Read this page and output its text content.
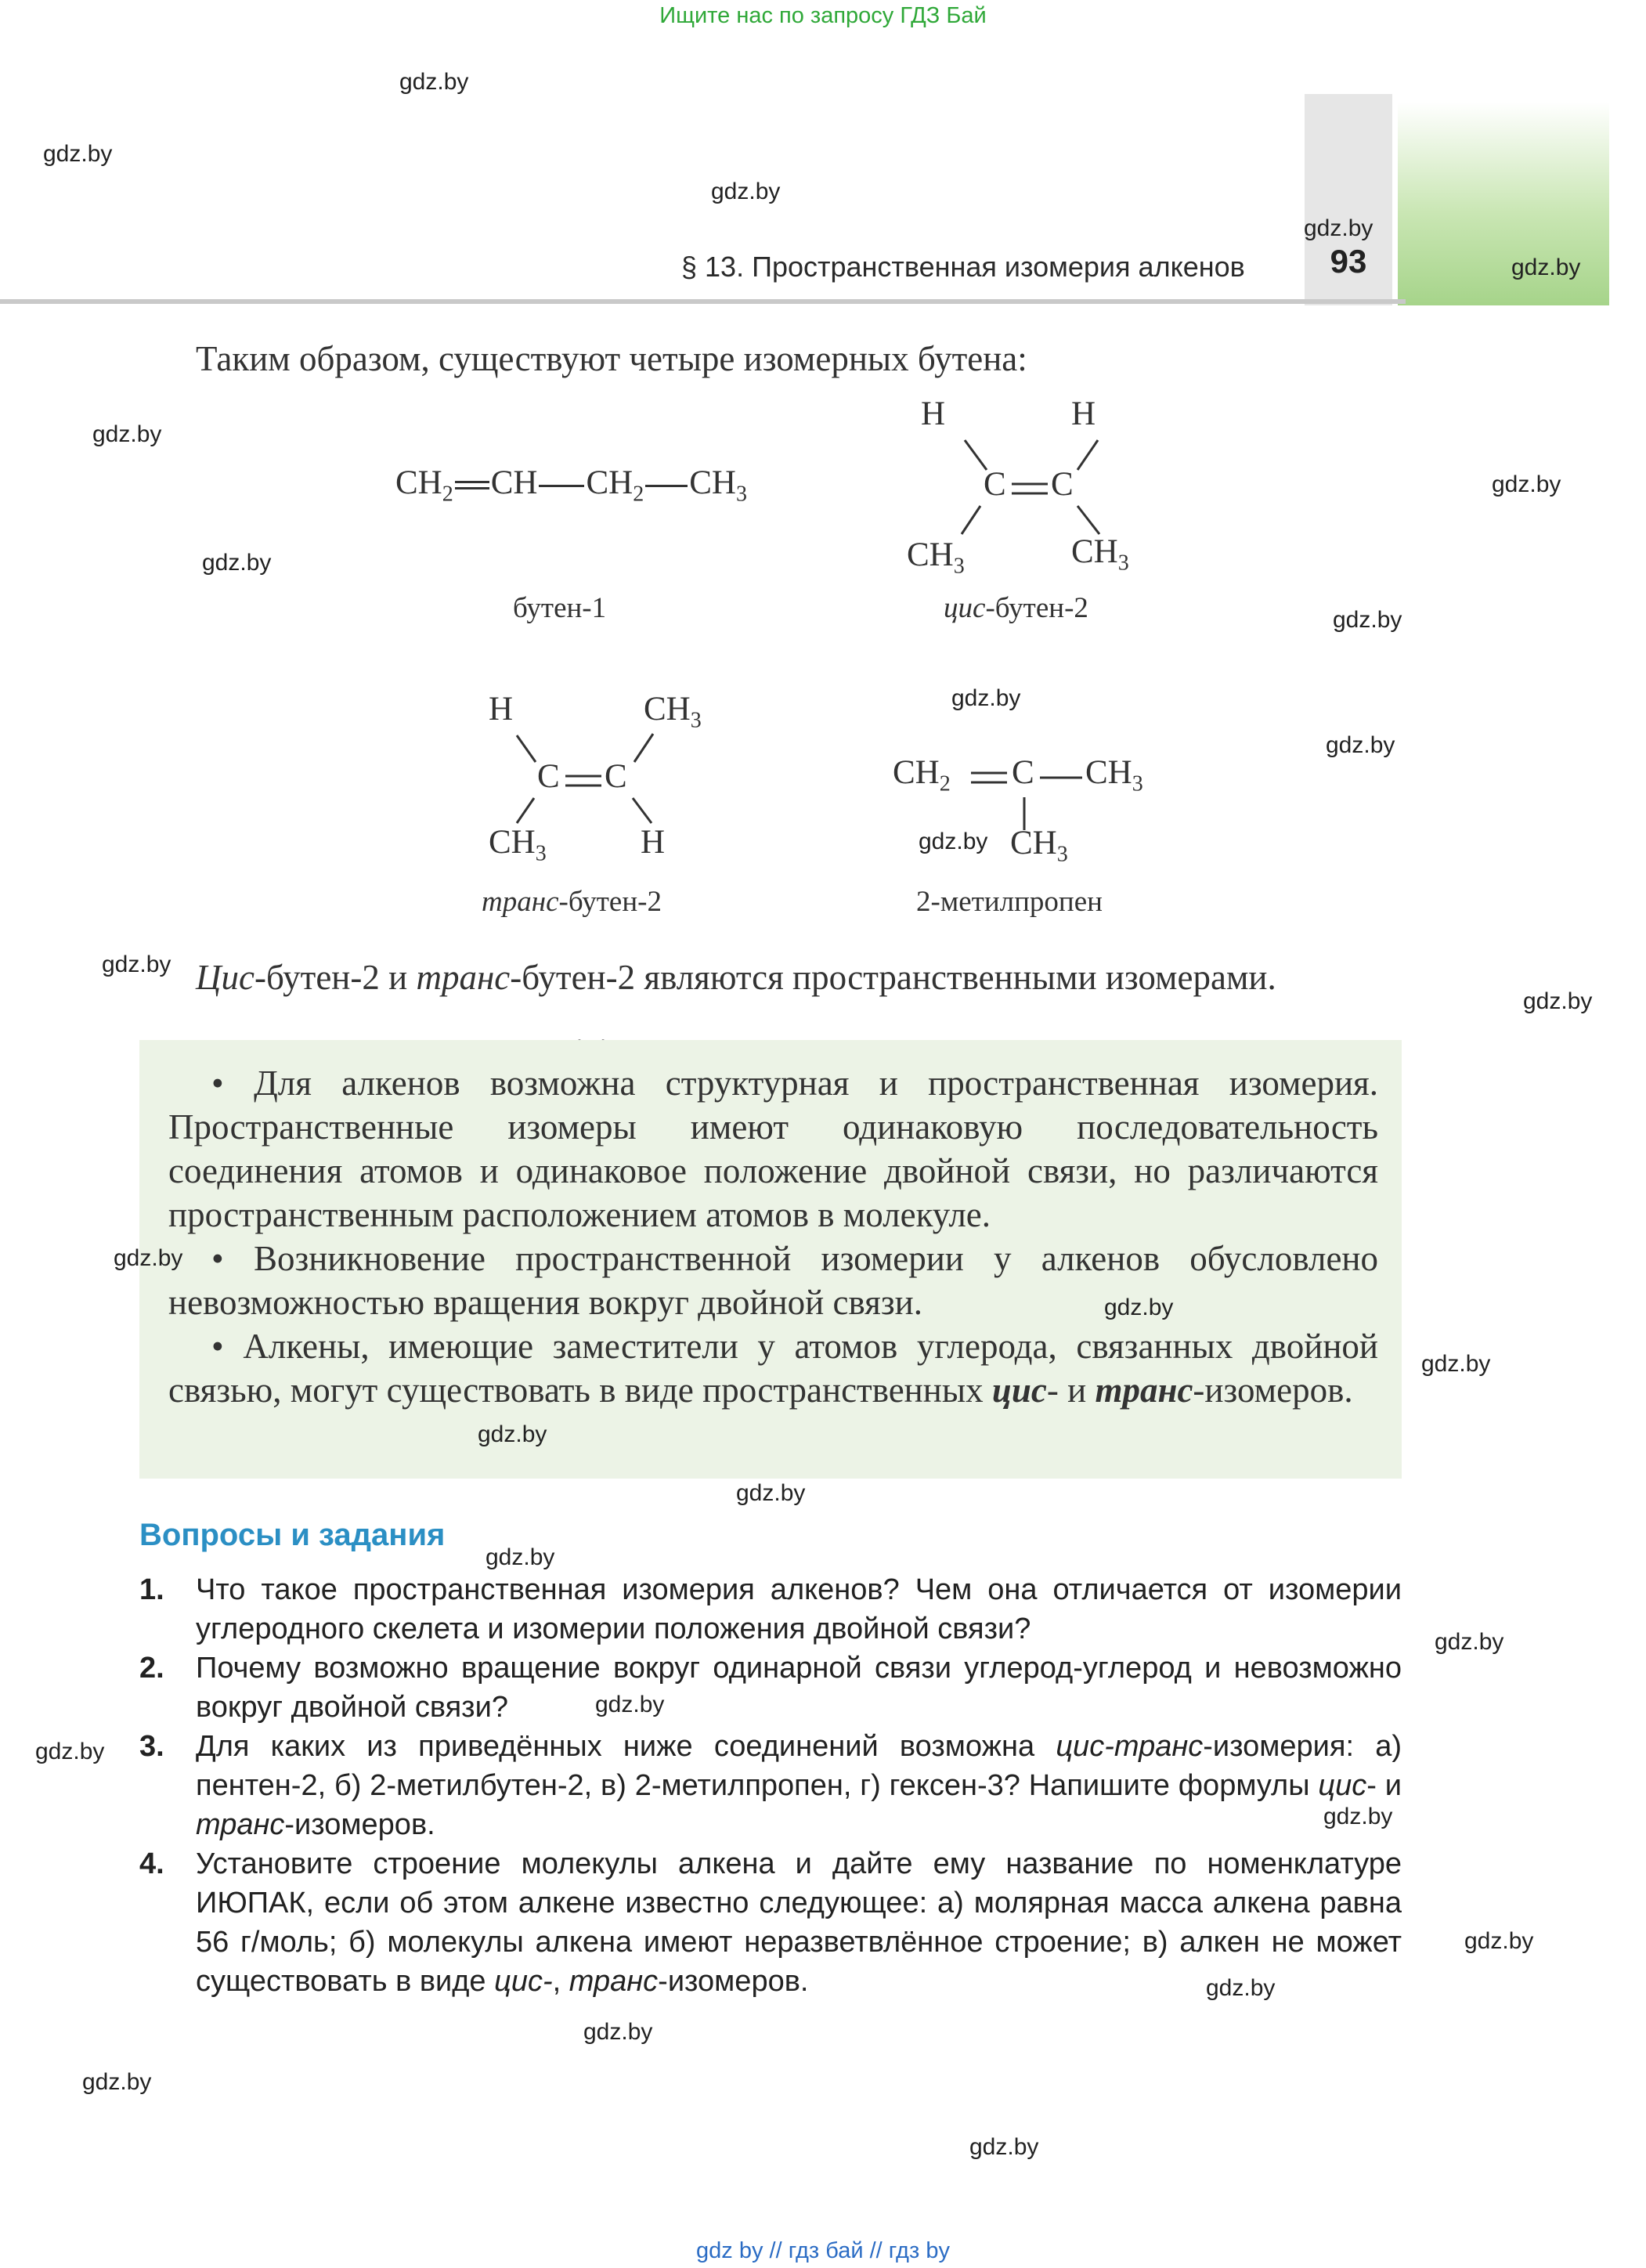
Ищите нас по запросу ГДЗ Бай
§ 13. Пространственная изомерия алкенов	93
gdz.by
gdz.by
gdz.by
gdz.by
gdz.by
gdz.by
gdz.by
gdz.by
gdz.by
gdz.by
gdz.by
gdz.by
gdz.by
gdz.by
Таким образом, существуют четыре изомерных бутена:
$CH_2$ CH $CH_2$ $CH_3$
бутен-1
H	H
C C
$CH_3$	$CH_3$
цис-бутен-2
H	$CH_3$
C C
$CH_3$	H
транс-бутен-2
$CH_2$ C $CH_3$
$CH_3$
2-метилпропен
Цис-бутен-2 и транс-бутен-2 являются пространственными изомерами.

• Для алкенов возможна структурная и пространственная изомерия. Пространственные изомеры имеют одинаковую последовательность соединения атомов и одинаковое положение двойной связи, но различаются пространственным расположением атомов в молекуле.

• Возникновение пространственной изомерии у алкенов обусловлено невозможностью вращения вокруг двойной связи.

• Алкены, имеющие заместители у атомов углерода, связанных двойной связью, могут существовать в виде пространственных цис- и транс-изомеров.

gdz.by
gdz.by
gdz.by
gdz.by
gdz.by
gdz.by
Вопросы и задания
1. Что такое пространственная изомерия алкенов? Чем она отличается от изомерии углеродного скелета и изомерии положения двойной связи?
2. Почему возможно вращение вокруг одинарной связи углерод-углерод и невозможно вокруг двойной связи?
3. Для каких из приведённых ниже соединений возможна цис-транс-изомерия: а) пентен-2, б) 2-метилбутен-2, в) 2-метилпропен, г) гексен-3? Напишите формулы цис- и транс-изомеров.
4. Установите строение молекулы алкена и дайте ему название по номенклатуре ИЮПАК, если об этом алкене известно следующее: а) молярная масса алкена равна 56 г/моль; б) молекулы алкена имеют неразветвлённое строение; в) алкен не может существовать в виде цис-, транс-изомеров.
gdz.by
gdz.by
gdz.by
gdz.by
gdz.by
gdz.by
gdz.by
gdz.by
gdz.by
gdz by // гдз бай // гдз by
